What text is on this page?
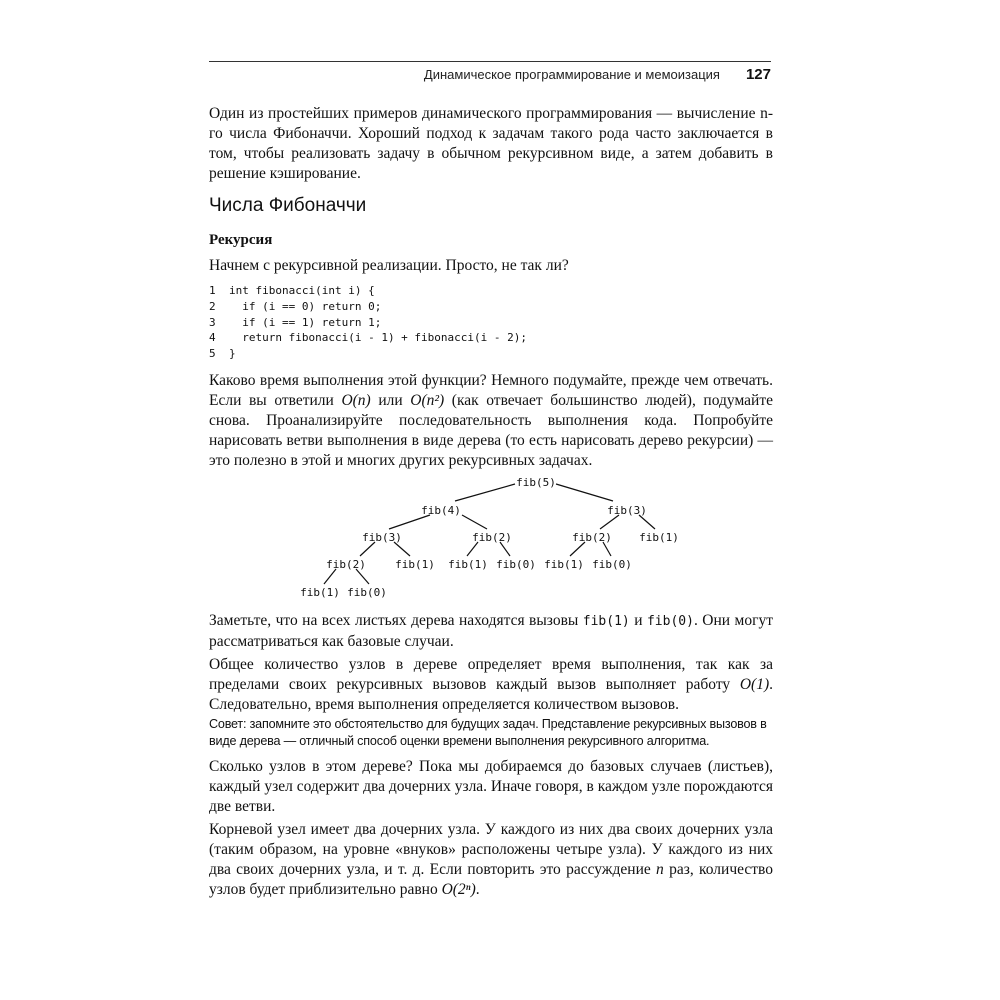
Динамическое программирование и мемоизация 127

Один из простейших примеров динамического программирования — вычисление n-го числа Фибоначчи. Хороший подход к задачам такого рода часто заключается в том, чтобы реализовать задачу в обычном рекурсивном виде, а затем добавить в решение кэширование.

Числа Фибоначчи
Рекурсия

Начнем с рекурсивной реализации. Просто, не так ли?

1 int fibonacci(int i) {
2  if (i == 0) return 0;
3  if (i == 1) return 1;
4  return fibonacci(i - 1) + fibonacci(i - 2);
5 }

Каково время выполнения этой функции? Немного подумайте, прежде чем отвечать. Если вы ответили O(n) или O(n²) (как отвечает большинство людей), подумайте снова. Проанализируйте последовательность выполнения кода. Попробуйте нарисовать ветви выполнения в виде дерева (то есть нарисовать дерево рекурсии) — это полезно в этой и многих других рекурсивных задачах.

fib(5)
fib(4)	fib(3)
fib(3)	fib(2)	fib(2) fib(1)
fib(2)	fib(1) fib(1) fib(0) fib(1) fib(0)
fib(1) fib(0)

Заметьте, что на всех листьях дерева находятся вызовы fib(1) и fib(0). Они могут рассматриваться как базовые случаи.

Общее количество узлов в дереве определяет время выполнения, так как за пределами своих рекурсивных вызовов каждый вызов выполняет работу O(1). Следовательно, время выполнения определяется количеством вызовов.

Совет: запомните это обстоятельство для будущих задач. Представление рекурсивных вызовов в виде дерева — отличный способ оценки времени выполнения рекурсивного алгоритма.

Сколько узлов в этом дереве? Пока мы добираемся до базовых случаев (листьев), каждый узел содержит два дочерних узла. Иначе говоря, в каждом узле порождаются две ветви.

Корневой узел имеет два дочерних узла. У каждого из них два своих дочерних узла (таким образом, на уровне «внуков» расположены четыре узла). У каждого из них два своих дочерних узла, и т. д. Если повторить это рассуждение n раз, количество узлов будет приблизительно равно O(2ⁿ).
